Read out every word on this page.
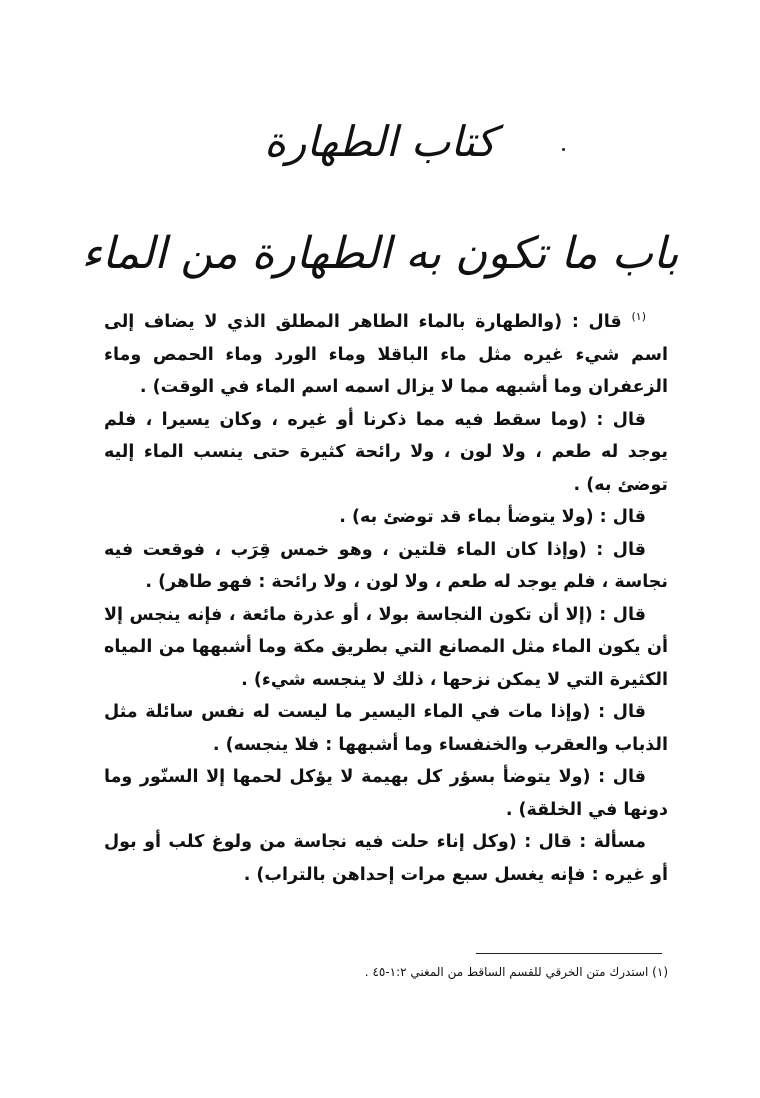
كتاب الطهارة
باب ما تكون به الطهارة من الماء

$^{(١)}$ قال : (والطهارة بالماء الطاهر المطلق الذي لا يضاف إلى اسم شيء غيره مثل ماء الباقلا وماء الورد وماء الحمص وماء الزعفران وما أشبهه مما لا يزال اسمه اسم الماء في الوقت) .

قال : (وما سقط فيه مما ذكرنا أو غيره ، وكان يسيرا ، فلم يوجد له طعم ، ولا لون ، ولا رائحة كثيرة حتى ينسب الماء إليه توضئ به) .

قال : (ولا يتوضأ بماء قد توضئ به) .

قال : (وإذا كان الماء قلتين ، وهو خمس قِرَب ، فوقعت فيه نجاسة ، فلم يوجد له طعم ، ولا لون ، ولا رائحة : فهو طاهر) .

قال : (إلا أن تكون النجاسة بولا ، أو عذرة مائعة ، فإنه ينجس إلا أن يكون الماء مثل المصانع التي بطريق مكة وما أشبهها من المياه الكثيرة التي لا يمكن نزحها ، ذلك لا ينجسه شيء) .

قال : (وإذا مات في الماء اليسير ما ليست له نفس سائلة مثل الذباب والعقرب والخنفساء وما أشبهها : فلا ينجسه) .

قال : (ولا يتوضأ بسؤر كل بهيمة لا يؤكل لحمها إلا السنّور وما دونها في الخلقة) .

مسألة : قال : (وكل إناء حلت فيه نجاسة من ولوغ كلب أو بول أو غيره : فإنه يغسل سبع مرات إحداهن بالتراب) .

(١) استدرك متن الخرقي للقسم الساقط من المغني ١:٢-٤٥ .
